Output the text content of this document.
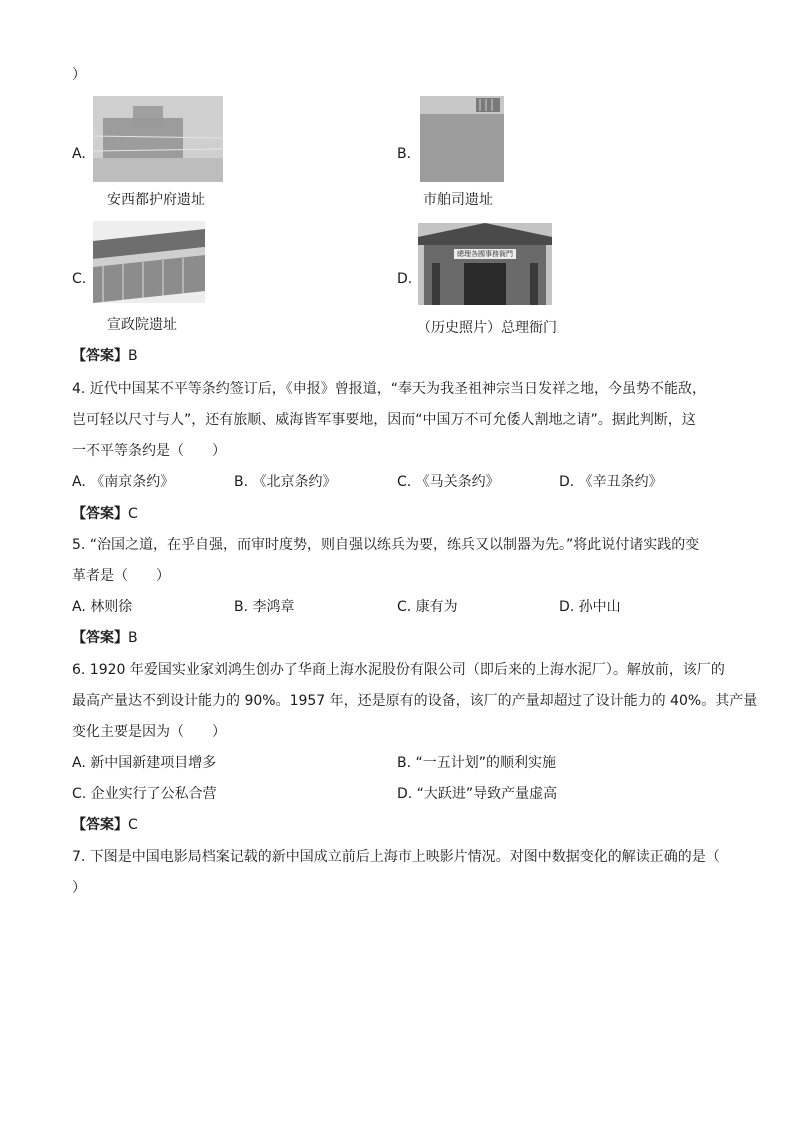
）
A.
安西都护府遗址
B.
市舶司遗址
C.
宣政院遗址
D.
總理各國事務衙門
（历史照片）总理衙门
【答案】B
4. 近代中国某不平等条约签订后，《申报》曾报道，“奉天为我圣祖神宗当日发祥之地，今虽势不能敌，
岂可轻以尺寸与人”，还有旅顺、威海皆军事要地，因而“中国万不可允倭人割地之请”。据此判断，这
一不平等条约是（　　）
A. 《南京条约》	B. 《北京条约》	C. 《马关条约》	D. 《辛丑条约》
【答案】C
5. “治国之道，在乎自强，而审时度势，则自强以练兵为要，练兵又以制器为先。”将此说付诸实践的变
革者是（　　）
A. 林则徐	B. 李鸿章	C. 康有为	D. 孙中山
【答案】B
6. 1920 年爱国实业家刘鸿生创办了华商上海水泥股份有限公司（即后来的上海水泥厂）。解放前，该厂的
最高产量达不到设计能力的 90%。1957 年，还是原有的设备，该厂的产量却超过了设计能力的 40%。其产量
变化主要是因为（　　）
A. 新中国新建项目增多	B. “一五计划”的顺利实施
C. 企业实行了公私合营	D. “大跃进”导致产量虚高
【答案】C
7. 下图是中国电影局档案记载的新中国成立前后上海市上映影片情况。对图中数据变化的解读正确的是（
）
